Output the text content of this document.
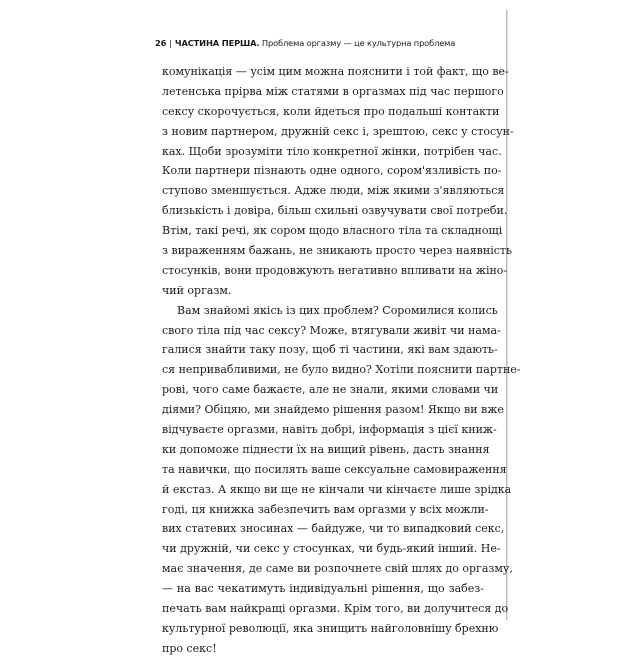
26 | ЧАСТИНА ПЕРША. Проблема оргазму — це культурна проблема
комунікація — усім цим можна пояснити і той факт, що ве-
летенська прірва між статями в оргазмах під час першого
сексу скорочується, коли йдеться про подальші контакти
з новим партнером, дружній секс і, зрештою, секс у стосун-
ках. Щоби зрозуміти тіло конкретної жінки, потрібен час.
Коли партнери пізнають одне одного, сором'язливість по-
ступово зменшується. Адже люди, між якими з'являються
близькість і довіра, більш схильні озвучувати свої потреби.
Втім, такі речі, як сором щодо власного тіла та складнощі
з вираженням бажань, не зникають просто через наявність
стосунків, вони продовжують негативно впливати на жіно-
чий оргазм.
Вам знайомі якісь із цих проблем? Соромилися колись
свого тіла під час сексу? Може, втягували живіт чи нама-
галися знайти таку позу, щоб ті частини, які вам здають-
ся непривабливими, не було видно? Хотіли пояснити партне-
рові, чого саме бажаєте, але не знали, якими словами чи
діями? Обіцяю, ми знайдемо рішення разом! Якщо ви вже
відчуваєте оргазми, навіть добрі, інформація з цієї книж-
ки допоможе піднести їх на вищий рівень, дасть знання
та навички, що посилять ваше сексуальне самовираження
й екстаз. А якщо ви ще не кінчали чи кінчаєте лише зрідка
годі, ця книжка забезпечить вам оргазми у всіх можли-
вих статевих зносинах — байдуже, чи то випадковий секс,
чи дружній, чи секс у стосунках, чи будь-який інший. Не-
має значення, де саме ви розпочнете свій шлях до оргазму,
— на вас чекатимуть індивідуальні рішення, що забез-
печать вам найкращі оргазми. Крім того, ви долучитеся до
культурної революції, яка знищить найголовнішу брехню
про секс!
